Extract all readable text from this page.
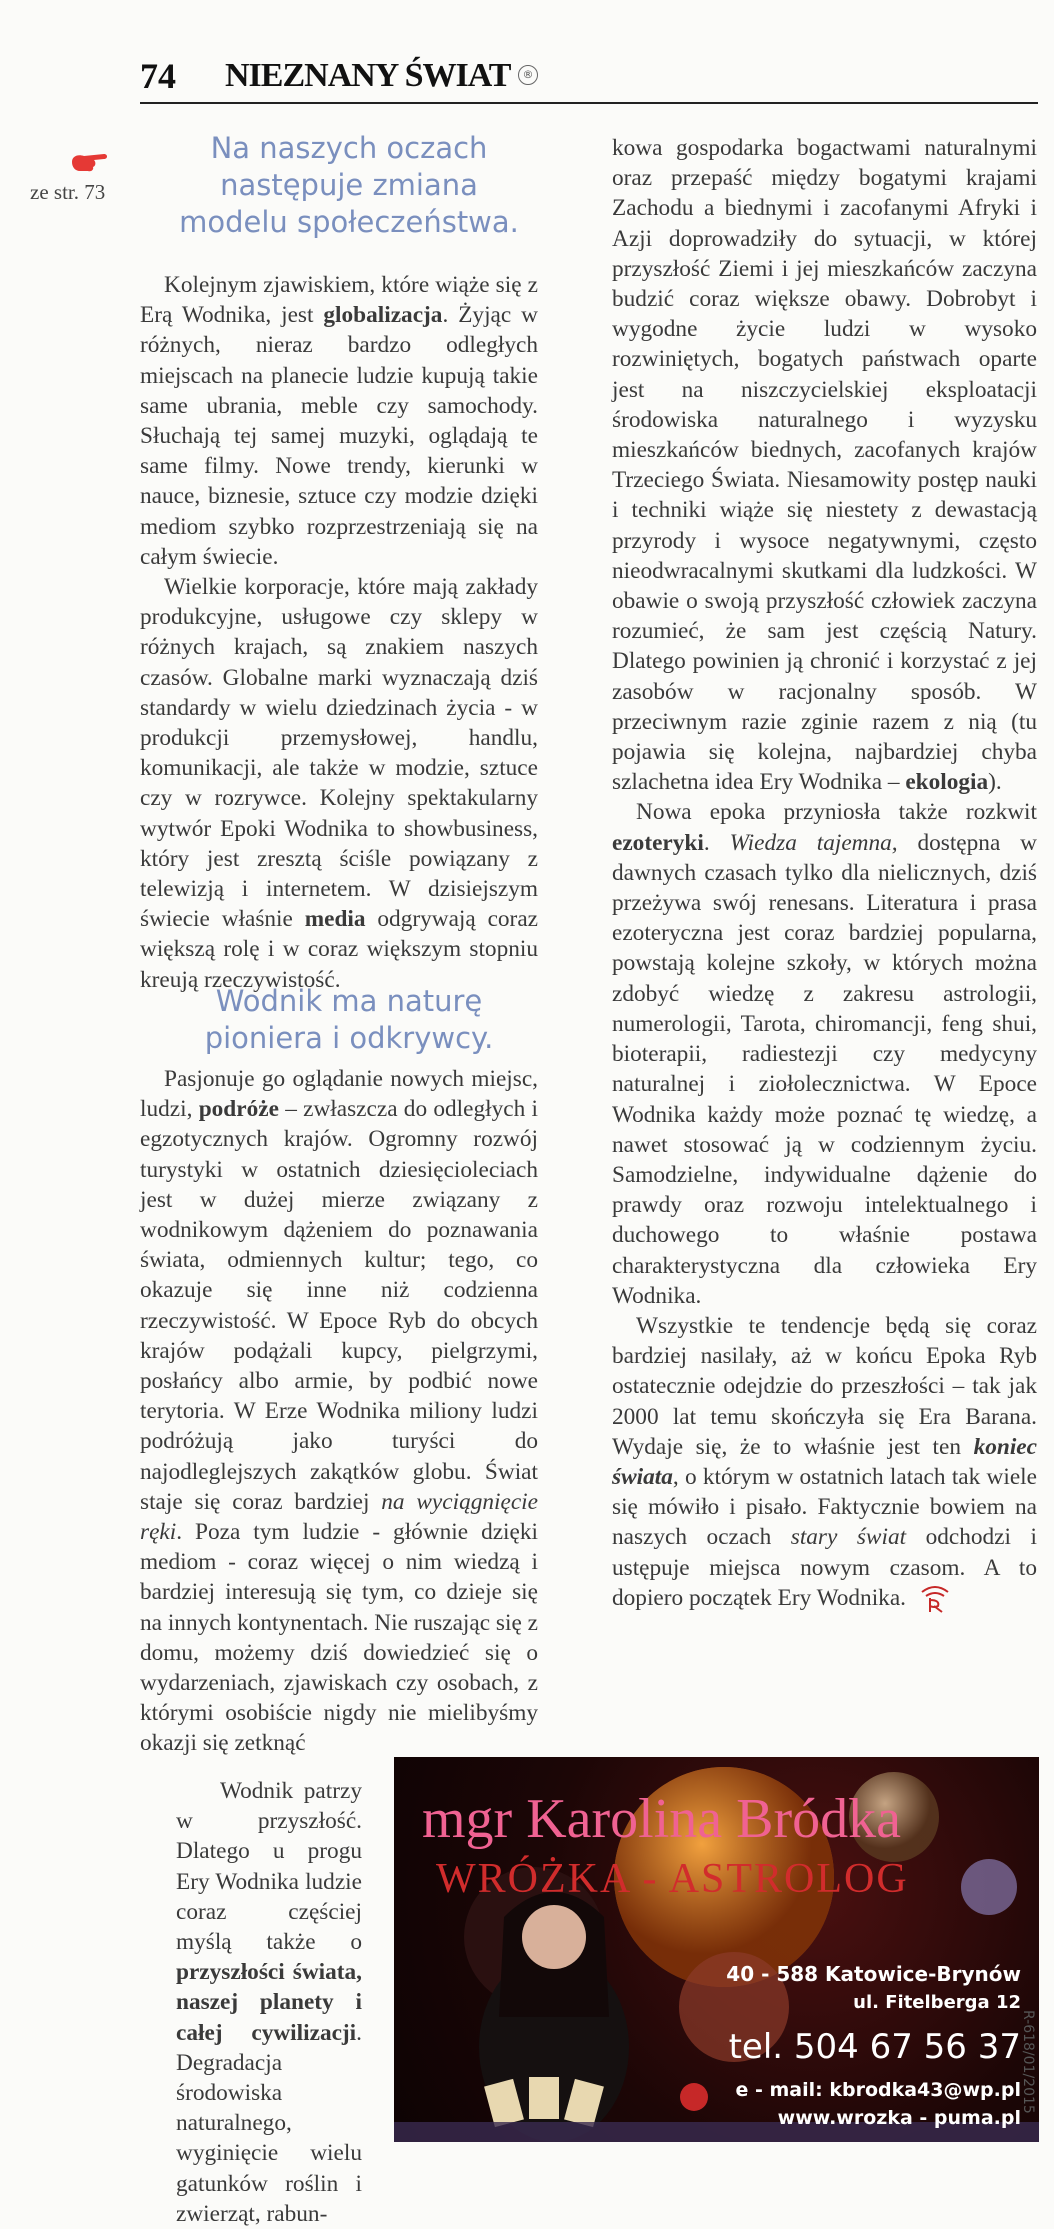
74 NIEZNANY ŚWIAT	®
ze str. 73
Na naszych oczach
następuje zmiana
modelu społeczeństwa.

Kolejnym zjawiskiem, które wiąże się z Erą Wodnika, jest globalizacja. Żyjąc w różnych, nieraz bardzo odległych miejscach na planecie ludzie kupują takie same ubrania, meble czy samochody. Słuchają tej samej muzyki, oglądają te same filmy. Nowe trendy, kierunki w nauce, biznesie, sztuce czy modzie dzięki mediom szybko rozprzestrzeniają się na całym świecie.

Wielkie korporacje, które mają zakłady produkcyjne, usługowe czy sklepy w różnych krajach, są znakiem naszych czasów. Globalne marki wyznaczają dziś standardy w wielu dziedzinach życia - w produkcji przemysłowej, handlu, komunikacji, ale także w modzie, sztuce czy w rozrywce. Kolejny spektakularny wytwór Epoki Wodnika to showbusiness, który jest zresztą ściśle powiązany z telewizją i internetem. W dzisiejszym świecie właśnie media odgrywają coraz większą rolę i w coraz większym stopniu kreują rzeczywistość.

Wodnik ma naturę
pioniera i odkrywcy.

Pasjonuje go oglądanie nowych miejsc, ludzi, podróże – zwłaszcza do odległych i egzotycznych krajów. Ogromny rozwój turystyki w ostatnich dziesięcioleciach jest w dużej mierze związany z wodnikowym dążeniem do poznawania świata, odmiennych kultur; tego, co okazuje się inne niż codzienna rzeczywistość. W Epoce Ryb do obcych krajów podążali kupcy, pielgrzymi, posłańcy albo armie, by podbić nowe terytoria. W Erze Wodnika miliony ludzi podróżują jako turyści do najodleglejszych zakątków globu. Świat staje się coraz bardziej na wyciągnięcie ręki. Poza tym ludzie - głównie dzięki mediom - coraz więcej o nim wiedzą i bardziej interesują się tym, co dzieje się na innych kontynentach. Nie ruszając się z domu, możemy dziś dowiedzieć się o wydarzeniach, zjawiskach czy osobach, z którymi osobiście nigdy nie mielibyśmy okazji się zetknąć

Wodnik patrzy w przyszłość. Dlatego u progu Ery Wodnika ludzie coraz częściej myślą także o przyszłości świata, naszej planety i całej cywilizacji. Degradacja środowiska naturalnego, wyginięcie wielu gatunków roślin i zwierząt, rabun-

kowa gospodarka bogactwami naturalnymi oraz przepaść między bogatymi krajami Zachodu a biednymi i zacofanymi Afryki i Azji doprowadziły do sytuacji, w której przyszłość Ziemi i jej mieszkańców zaczyna budzić coraz większe obawy. Dobrobyt i wygodne życie ludzi w wysoko rozwiniętych, bogatych państwach oparte jest na niszczycielskiej eksploatacji środowiska naturalnego i wyzysku mieszkańców biednych, zacofanych krajów Trzeciego Świata. Niesamowity postęp nauki i techniki wiąże się niestety z dewastacją przyrody i wysoce negatywnymi, często nieodwracalnymi skutkami dla ludzkości. W obawie o swoją przyszłość człowiek zaczyna rozumieć, że sam jest częścią Natury. Dlatego powinien ją chronić i korzystać z jej zasobów w racjonalny sposób. W przeciwnym razie zginie razem z nią (tu pojawia się kolejna, najbardziej chyba szlachetna idea Ery Wodnika – ekologia).

Nowa epoka przyniosła także rozkwit ezoteryki. Wiedza tajemna, dostępna w dawnych czasach tylko dla nielicznych, dziś przeżywa swój renesans. Literatura i prasa ezoteryczna jest coraz bardziej popularna, powstają kolejne szkoły, w których można zdobyć wiedzę z zakresu astrologii, numerologii, Tarota, chiromancji, feng shui, bioterapii, radiestezji czy medycyny naturalnej i ziołolecznictwa. W Epoce Wodnika każdy może poznać tę wiedzę, a nawet stosować ją w codziennym życiu. Samodzielne, indywidualne dążenie do prawdy oraz rozwoju intelektualnego i duchowego to właśnie postawa charakterystyczna dla człowieka Ery Wodnika.

Wszystkie te tendencje będą się coraz bardziej nasilały, aż w końcu Epoka Ryb ostatecznie odejdzie do przeszłości – tak jak 2000 lat temu skończyła się Era Barana. Wydaje się, że to właśnie jest ten koniec świata, o którym w ostatnich latach tak wiele się mówiło i pisało. Faktycznie bowiem na naszych oczach stary świat odchodzi i ustępuje miejsca nowym czasom. A to dopiero początek Ery Wodnika.

mgr Karolina Bródka
WRÓŻKA - ASTROLOG
40 - 588 Katowice-Brynów
ul. Fitelberga 12
tel. 504 67 56 37
e - mail: kbrodka43@wp.pl
www.wrozka - puma.pl
R-618/01/2015
